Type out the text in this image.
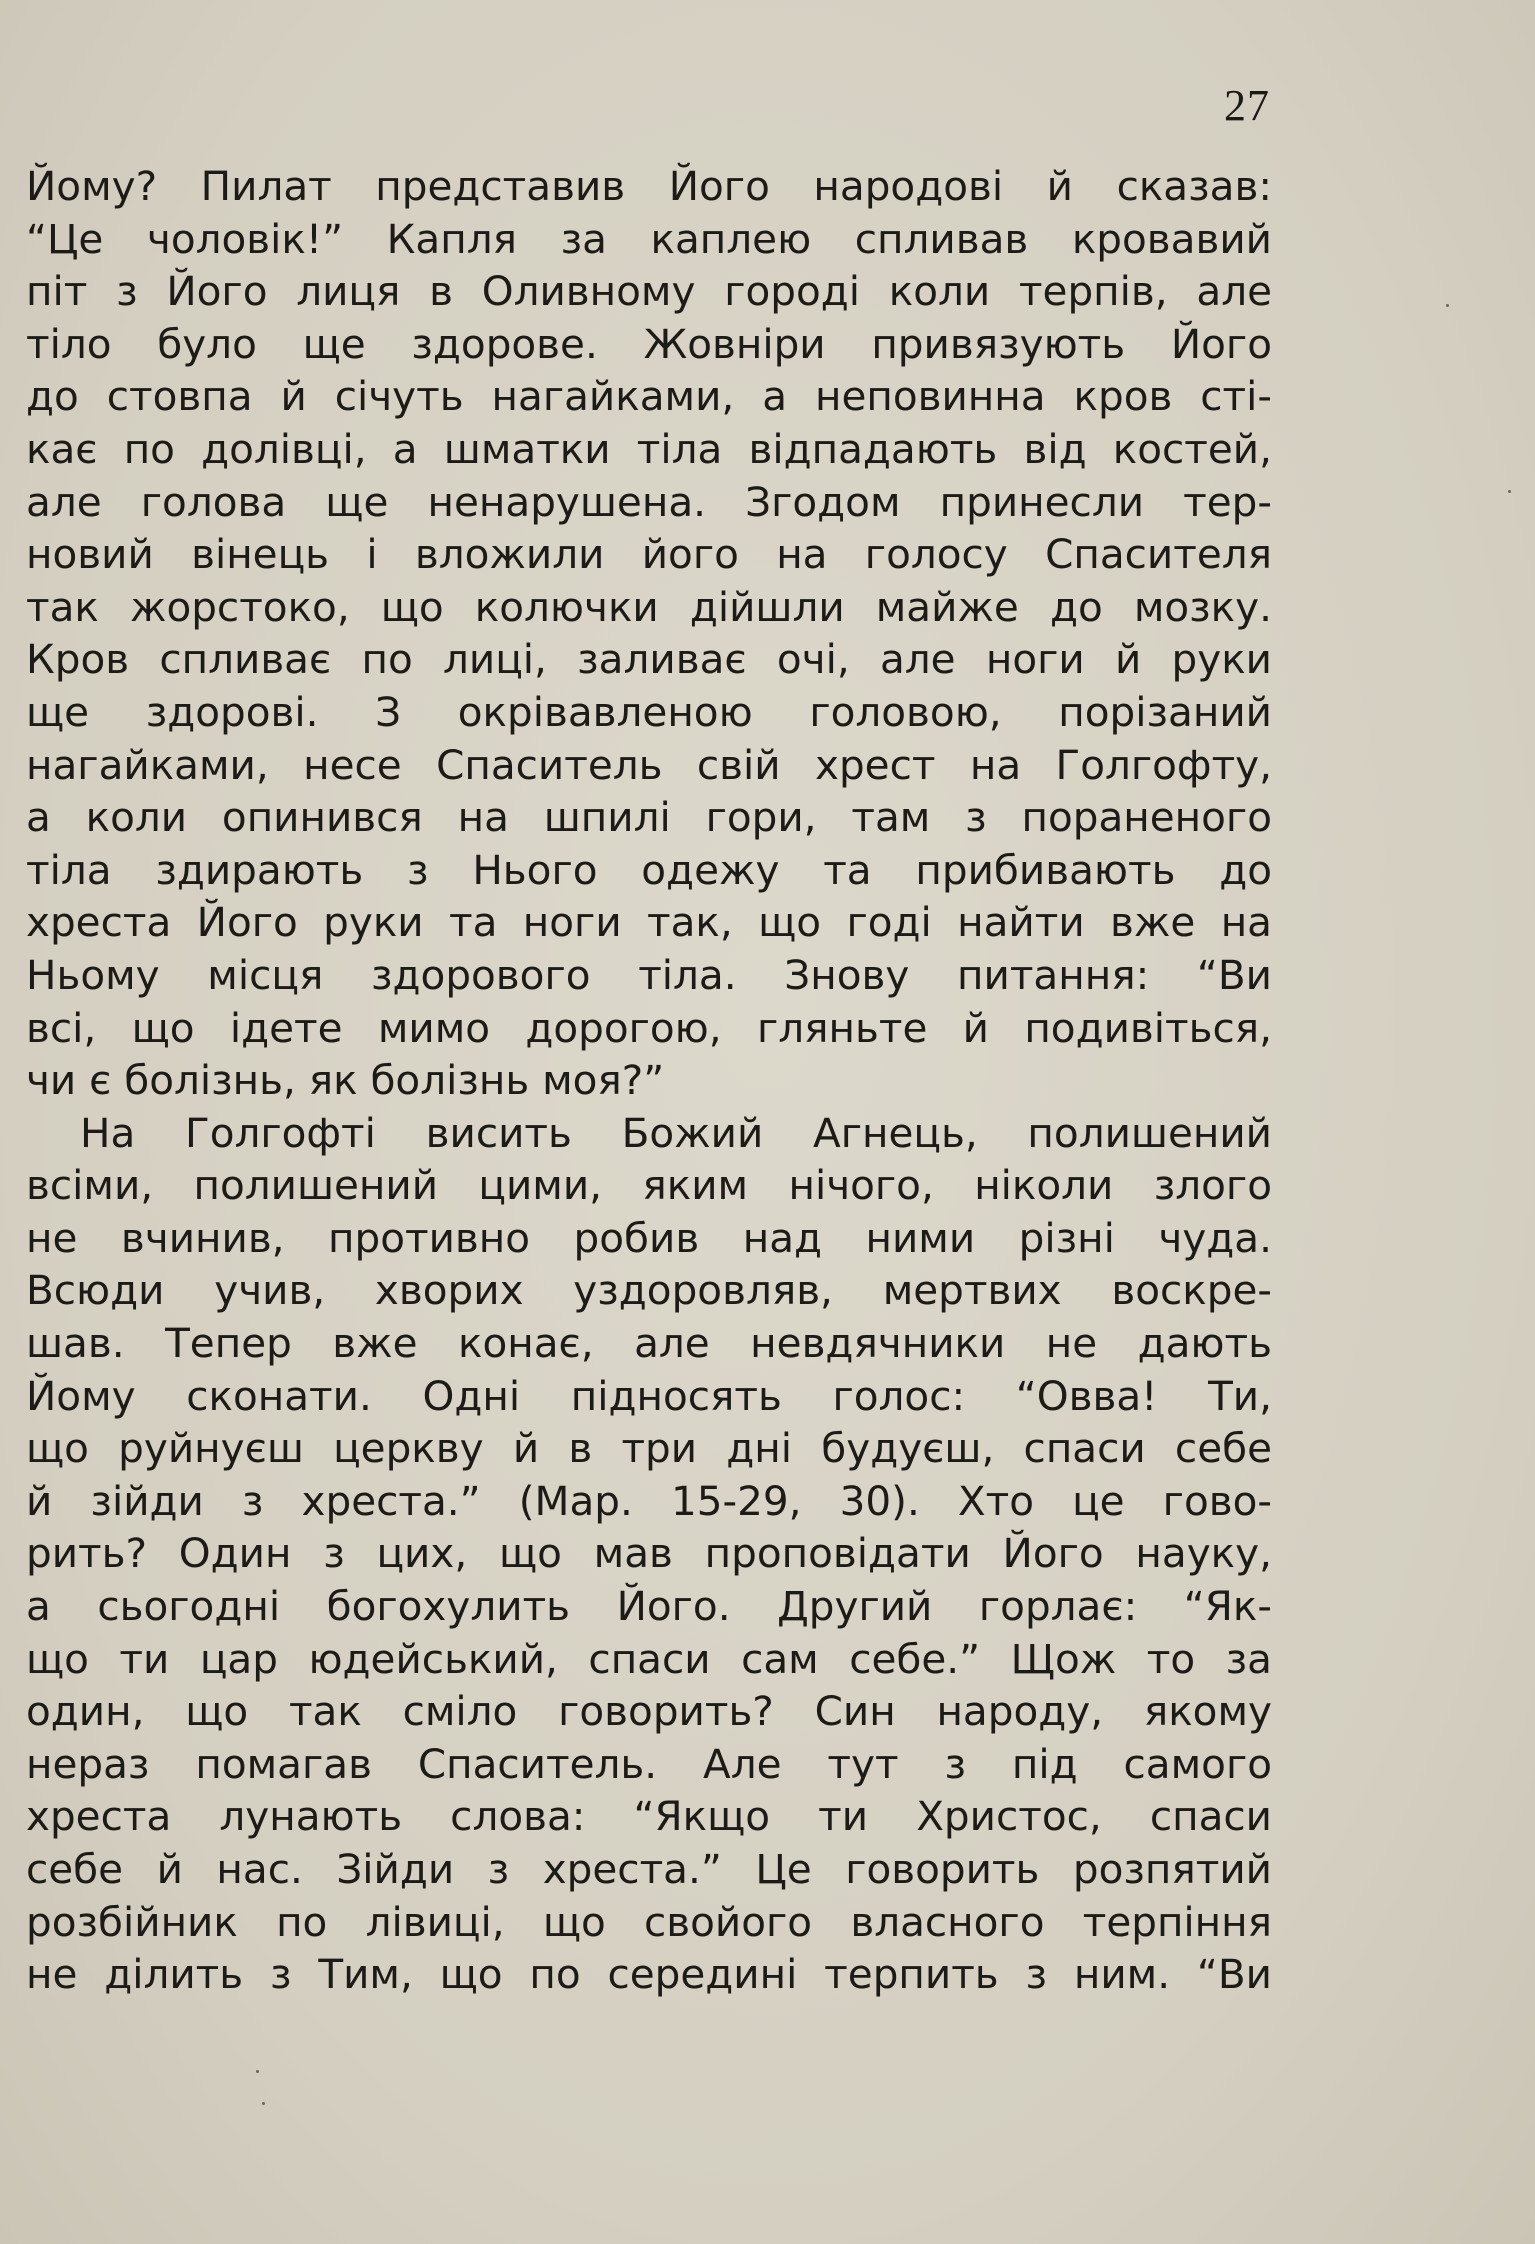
27
Йому? Пилат представив Його народові й сказав:
“Це чоловік!” Капля за каплею спливав кровавий
піт з Його лиця в Оливному городі коли терпів, але
тіло було ще здорове. Жовніри привязують Його
до стовпа й січуть нагайками, а неповинна кров сті-
кає по долівці, а шматки тіла відпадають від костей,
але голова ще ненарушена. Згодом принесли тер-
новий вінець і вложили його на голосу Спасителя
так жорстоко, що колючки дійшли майже до мозку.
Кров спливає по лиці, заливає очі, але ноги й руки
ще здорові. З окрівавленою головою, порізаний
нагайками, несе Спаситель свій хрест на Голгофту,
а коли опинився на шпилі гори, там з пораненого
тіла здирають з Нього одежу та прибивають до
хреста Його руки та ноги так, що годі найти вже на
Ньому місця здорового тіла. Знову питання: “Ви
всі, що ідете мимо дорогою, гляньте й подивіться,
чи є болізнь, як болізнь моя?”
На Голгофті висить Божий Агнець, полишений
всіми, полишений цими, яким нічого, ніколи злого
не вчинив, противно робив над ними різні чуда.
Всюди учив, хворих уздоровляв, мертвих воскре-
шав. Тепер вже конає, але невдячники не дають
Йому сконати. Одні підносять голос: “Овва! Ти,
що руйнуєш церкву й в три дні будуєш, спаси себе
й зійди з хреста.” (Мар. 15-29, 30). Хто це гово-
рить? Один з цих, що мав проповідати Його науку,
а сьогодні богохулить Його. Другий горлає: “Як-
що ти цар юдейський, спаси сам себе.” Щож то за
один, що так сміло говорить? Син народу, якому
нераз помагав Спаситель. Але тут з під самого
хреста лунають слова: “Якщо ти Христос, спаси
себе й нас. Зійди з хреста.” Це говорить розпятий
розбійник по лівиці, що свойого власного терпіння
не ділить з Тим, що по середині терпить з ним. “Ви
